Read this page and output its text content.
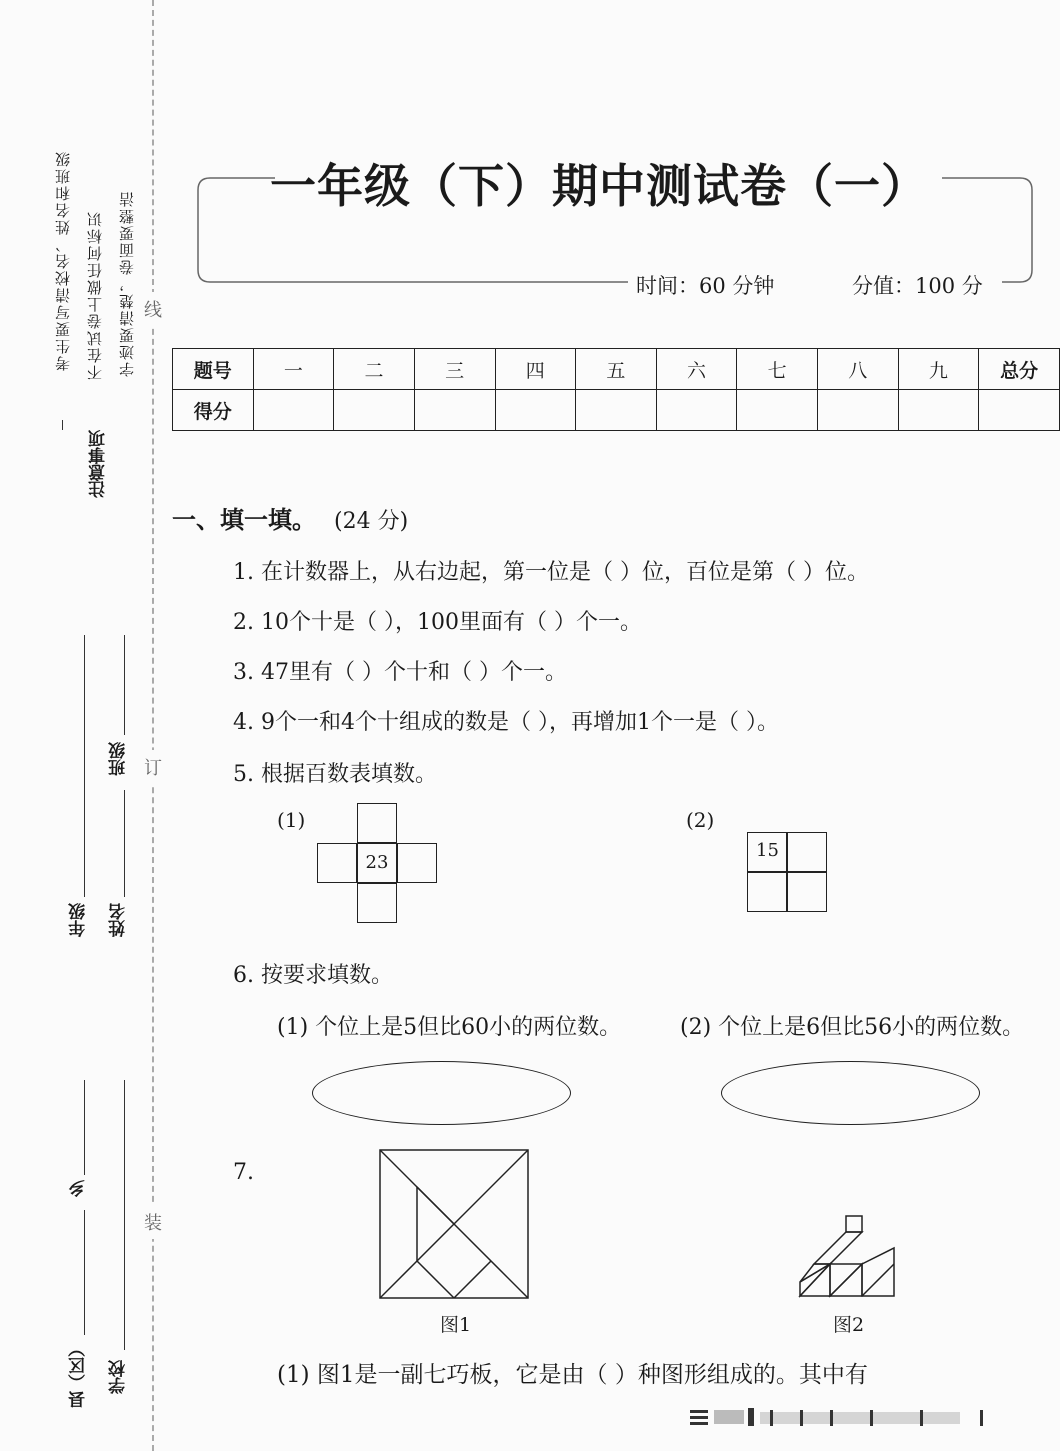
考生要写清校名、姓名和班级 不在试卷上做任何标识 字迹要清楚，卷面要整洁
注意事项
线
订
装
年级
乡
县（区）
班级
姓名
学校
一年级（下）期中测试卷（一）
时间：60 分钟	分值：100 分
题号	一	二	三	四	五	六	七	八	九	总分
得分										
一、填一填。 (24 分)
1. 在计数器上，从右边起，第一位是（ ）位，百位是第（ ）位。
2. 10个十是（ ），100里面有（ ）个一。
3. 47里有（ ）个十和（ ）个一。
4. 9个一和4个十组成的数是（ ），再增加1个一是（ ）。
5. 根据百数表填数。
(1)
23
(2)
15
6. 按要求填数。
(1) 个位上是5但比60小的两位数。	(2) 个位上是6但比56小的两位数。
7.
图1	图2
(1) 图1是一副七巧板，它是由（ ）种图形组成的。其中有
